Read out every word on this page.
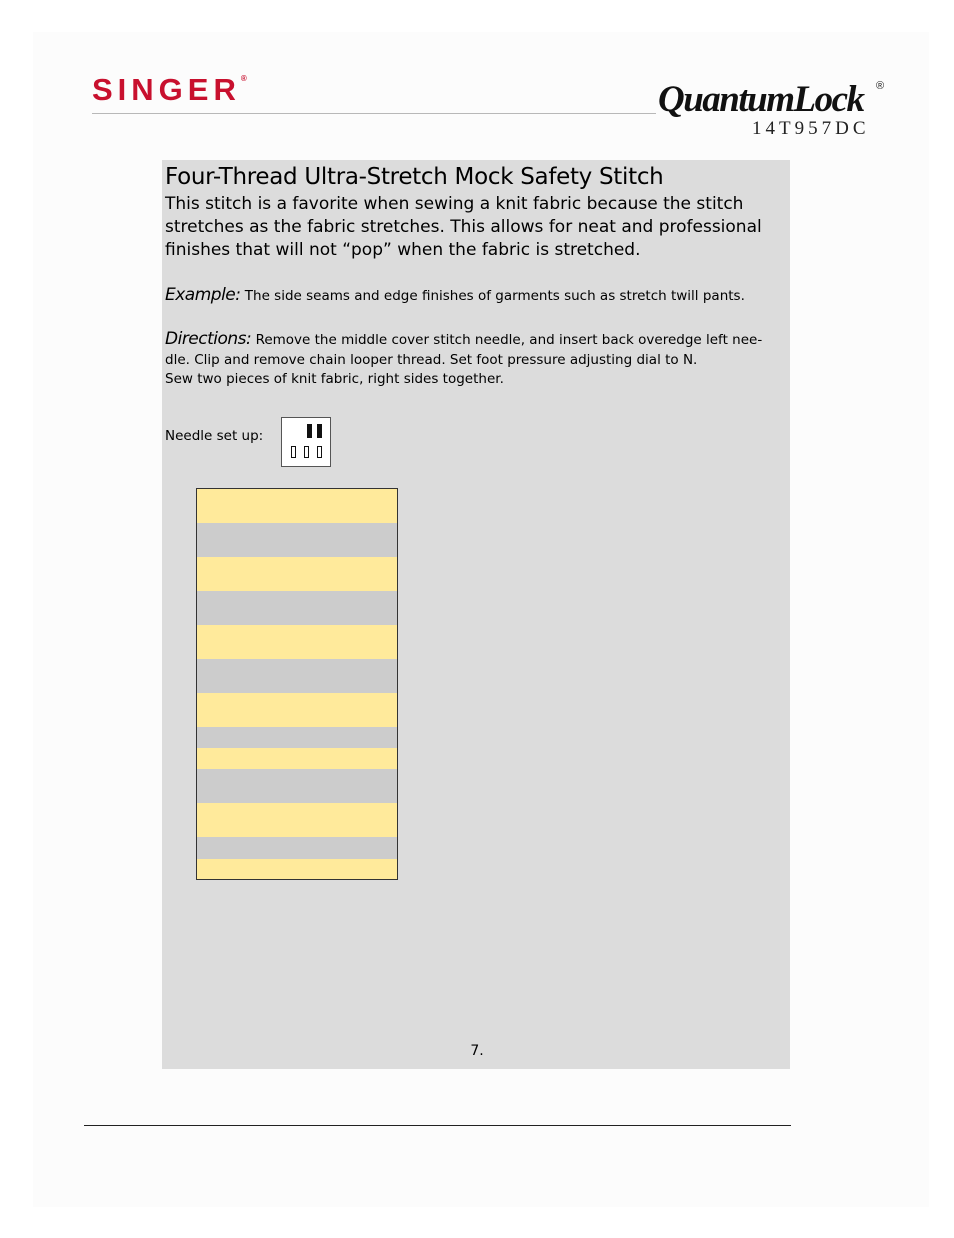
SINGER®
QuantumLock ®
14T957DC
Four-Thread Ultra-Stretch Mock Safety Stitch
This stitch is a favorite when sewing a knit fabric because the stitch stretches as the fabric stretches. This allows for neat and professional finishes that will not “pop” when the fabric is stretched.
Example: The side seams and edge finishes of garments such as stretch twill pants.
Directions: Remove the middle cover stitch needle, and insert back overedge left nee-dle. Clip and remove chain looper thread. Set foot pressure adjusting dial to N.
Sew two pieces of knit fabric, right sides together.
Needle set up:
7.
